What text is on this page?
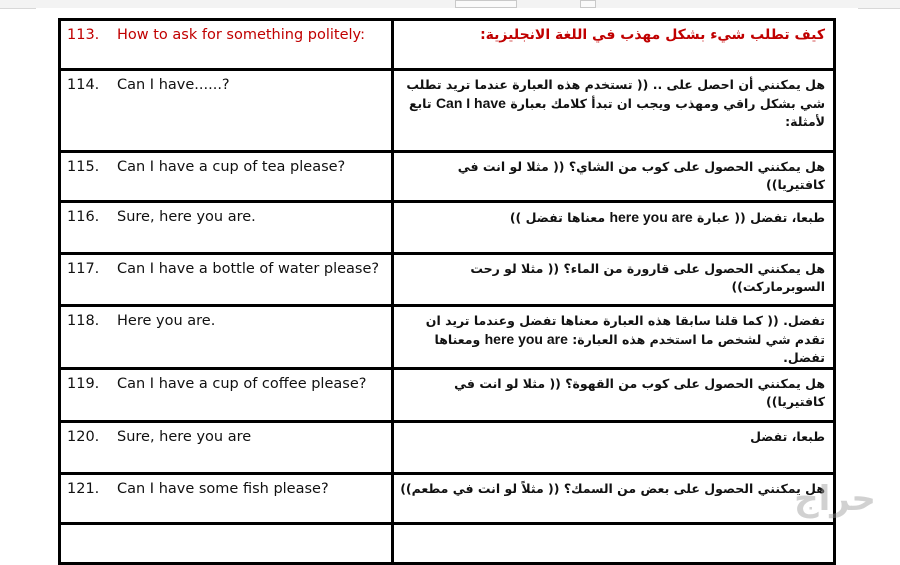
113. How to ask for something politely:	كيف تطلب شيء بشكل مهذب في اللغة الانجليزية:

114. Can I have......?	هل يمكنني أن احصل على .. (( تستخدم هذه العبارة عندما تريد تطلب شي بشكل راقي ومهذب ويجب ان تبدأ كلامك بعبارة Can I have تابع لأمثلة:

115. Can I have a cup of tea please?	هل يمكنني الحصول على كوب من الشاي؟ (( مثلا لو انت في كافتيريا))

116. Sure, here you are.	طبعا، تفضل (( عبارة here you are معناها تفضل ))

117. Can I have a bottle of water please?	هل يمكنني الحصول على قارورة من الماء؟ (( مثلا لو رحت السوبرماركت))

118. Here you are.	تفضل. (( كما قلنا سابقا هذه العبارة معناها تفضل وعندما تريد ان تقدم شي لشخص ما استخدم هذه العبارة: here you are ومعناها تفضل.

119. Can I have a cup of coffee please?	هل يمكنني الحصول على كوب من القهوة؟ (( مثلا لو انت في كافتيريا))

120. Sure, here you are	طبعا، تفضل

121. Can I have some fish please?	هل يمكنني الحصول على بعض من السمك؟ (( مثلاً لو انت في مطعم))

حراج
